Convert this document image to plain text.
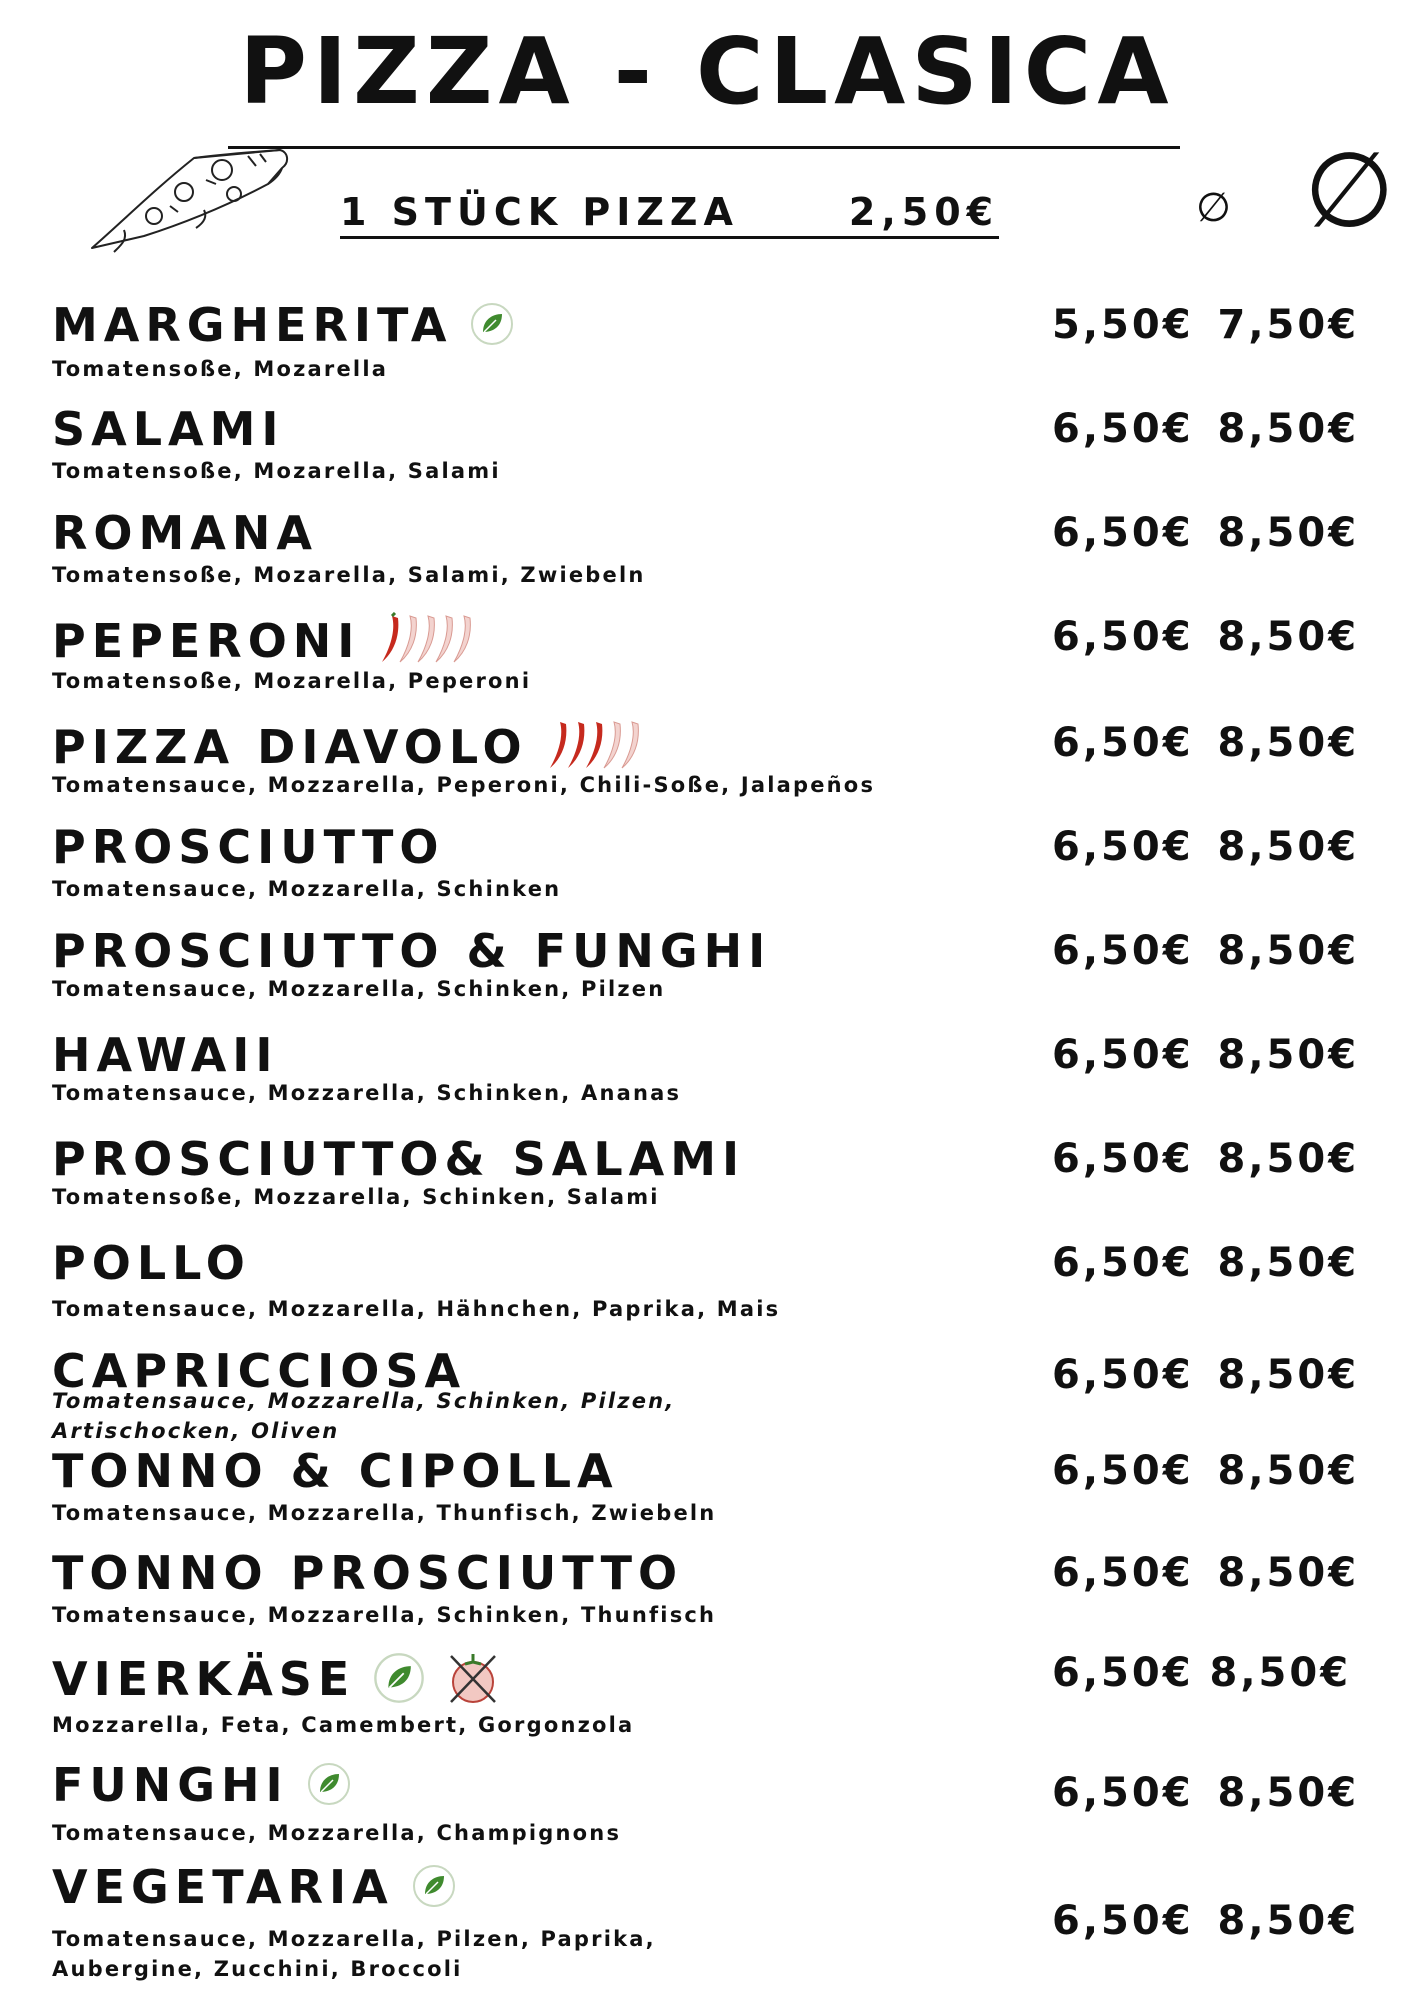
PIZZA - CLASICA
1 STÜCK PIZZA	2,50€	∅ ∅
MARGHERITA
Tomatensoße, Mozarella
5,50€ 7,50€
SALAMI
Tomatensoße, Mozarella, Salami
6,50€ 8,50€
ROMANA
Tomatensoße, Mozarella, Salami, Zwiebeln
6,50€ 8,50€
PEPERONI
Tomatensoße, Mozarella, Peperoni
6,50€ 8,50€
PIZZA DIAVOLO
Tomatensauce, Mozzarella, Peperoni, Chili-Soße, Jalapeños
6,50€ 8,50€
PROSCIUTTO
Tomatensauce, Mozzarella, Schinken
6,50€ 8,50€
PROSCIUTTO & FUNGHI
Tomatensauce, Mozzarella, Schinken, Pilzen
6,50€ 8,50€
HAWAII
Tomatensauce, Mozzarella, Schinken, Ananas
6,50€ 8,50€
PROSCIUTTO& SALAMI
Tomatensoße, Mozzarella, Schinken, Salami
6,50€ 8,50€
POLLO
Tomatensauce, Mozzarella, Hähnchen, Paprika, Mais
6,50€ 8,50€
CAPRICCIOSA
Tomatensauce, Mozzarella, Schinken, Pilzen,
Artischocken, Oliven
6,50€ 8,50€
TONNO & CIPOLLA
Tomatensauce, Mozzarella, Thunfisch, Zwiebeln
6,50€ 8,50€
TONNO PROSCIUTTO
Tomatensauce, Mozzarella, Schinken, Thunfisch
6,50€ 8,50€
VIERKÄSE
Mozzarella, Feta, Camembert, Gorgonzola
6,50€ 8,50€
FUNGHI
Tomatensauce, Mozzarella, Champignons
6,50€ 8,50€
VEGETARIA
Tomatensauce, Mozzarella, Pilzen, Paprika,
Aubergine, Zucchini, Broccoli
6,50€ 8,50€
